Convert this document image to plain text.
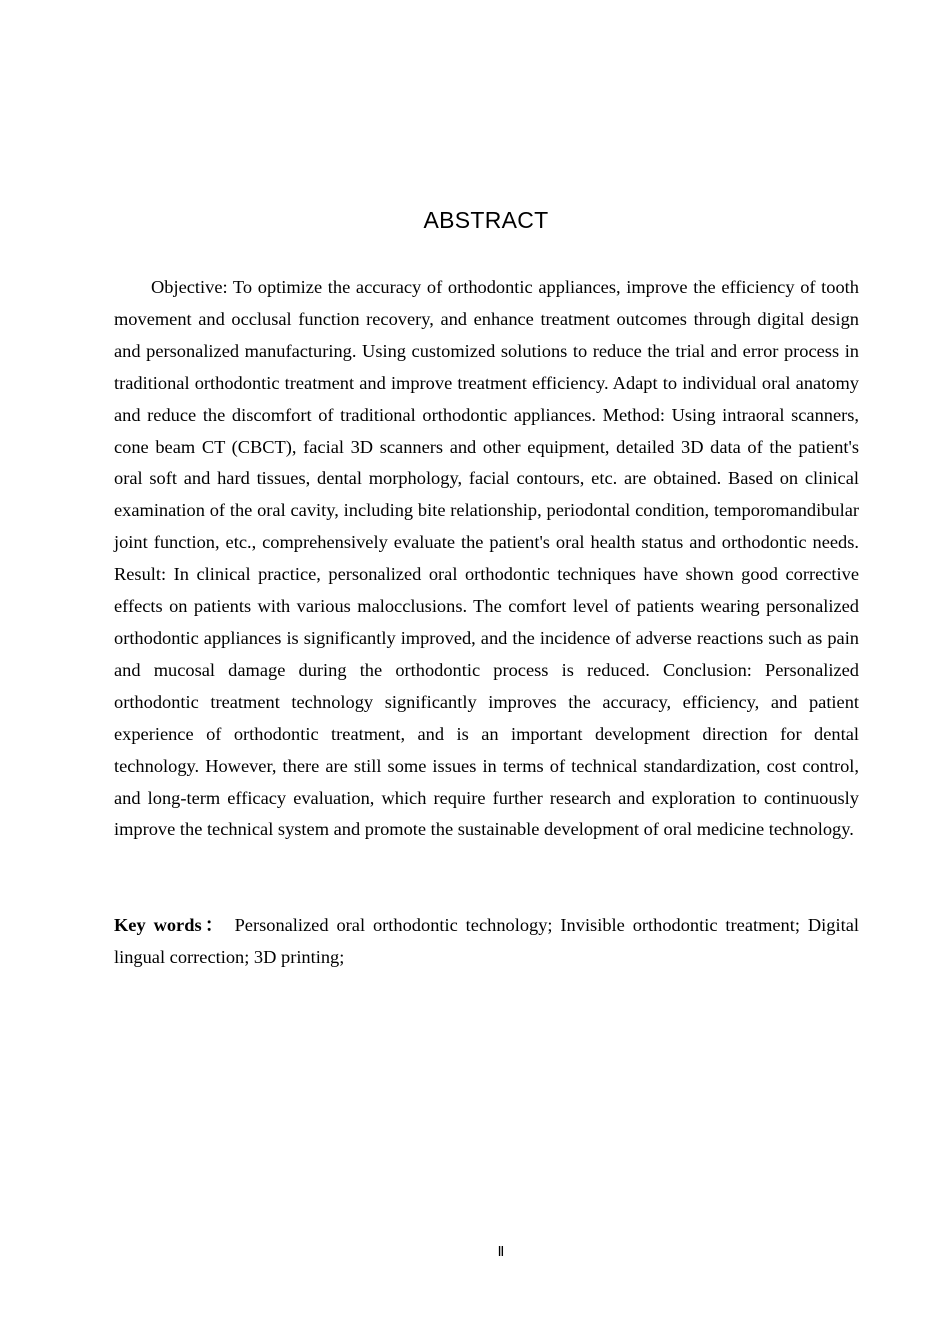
ABSTRACT

Objective: To optimize the accuracy of orthodontic appliances, improve the efficiency of tooth movement and occlusal function recovery, and enhance treatment outcomes through digital design and personalized manufacturing. Using customized solutions to reduce the trial and error process in traditional orthodontic treatment and improve treatment efficiency. Adapt to individual oral anatomy and reduce the discomfort of traditional orthodontic appliances. Method: Using intraoral scanners, cone beam CT (CBCT), facial 3D scanners and other equipment, detailed 3D data of the patient's oral soft and hard tissues, dental morphology, facial contours, etc. are obtained. Based on clinical examination of the oral cavity, including bite relationship, periodontal condition, temporomandibular joint function, etc., comprehensively evaluate the patient's oral health status and orthodontic needs. Result: In clinical practice, personalized oral orthodontic techniques have shown good corrective effects on patients with various malocclusions. The comfort level of patients wearing personalized orthodontic appliances is significantly improved, and the incidence of adverse reactions such as pain and mucosal damage during the orthodontic process is reduced. Conclusion: Personalized orthodontic treatment technology significantly improves the accuracy, efficiency, and patient experience of orthodontic treatment, and is an important development direction for dental technology. However, there are still some issues in terms of technical standardization, cost control, and long-term efficacy evaluation, which require further research and exploration to continuously improve the technical system and promote the sustainable development of oral medicine technology.

Key words： Personalized oral orthodontic technology; Invisible orthodontic treatment; Digital lingual correction; 3D printing;

Ⅱ
